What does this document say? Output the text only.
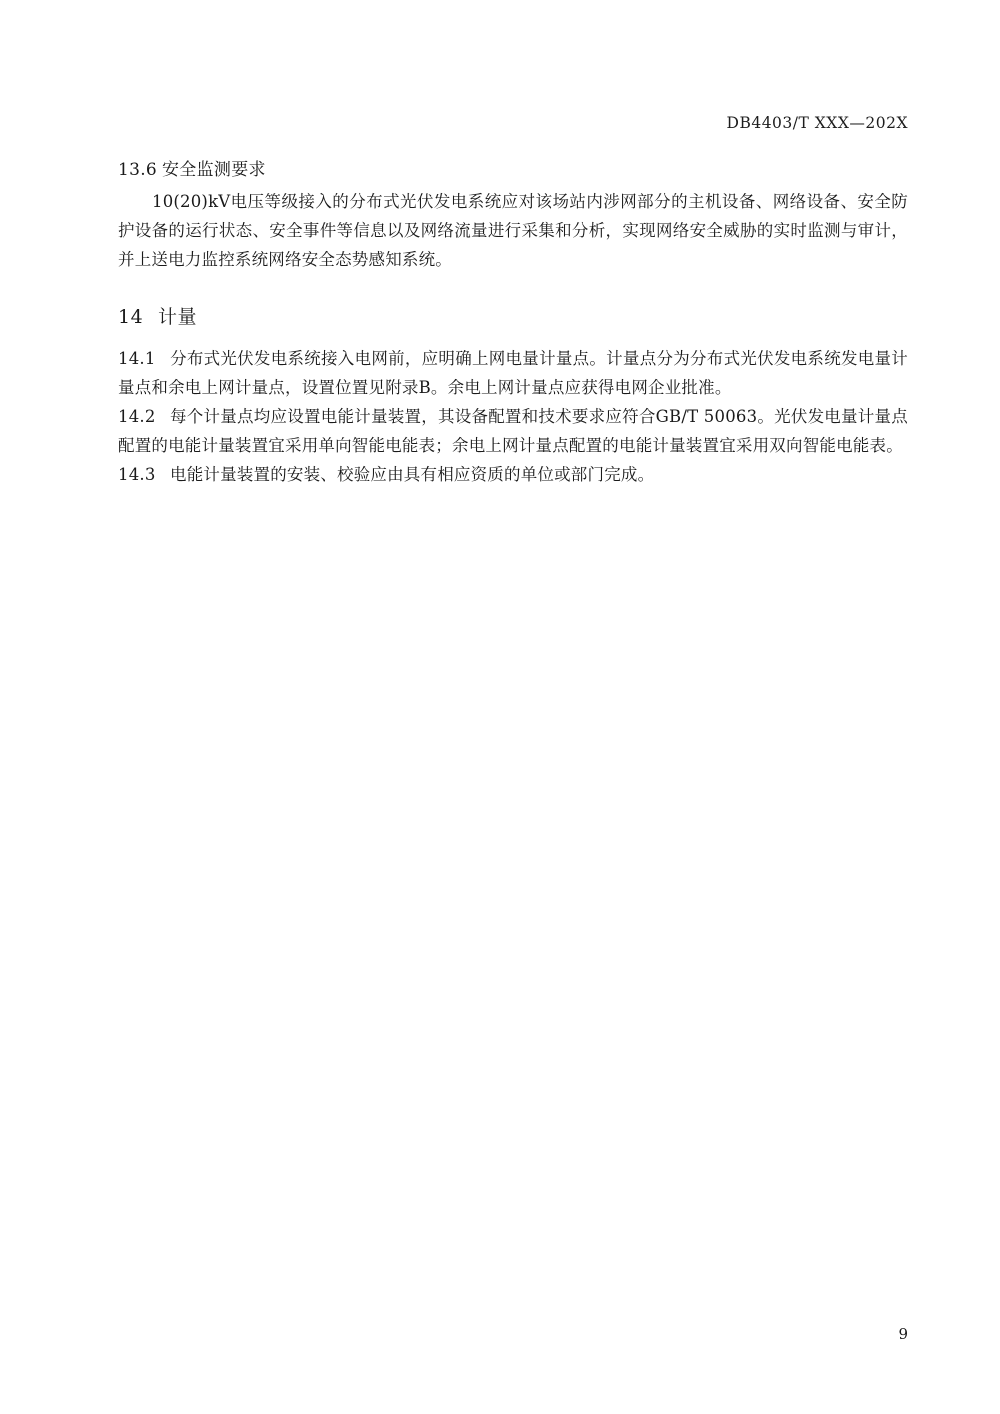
DB4403/T XXX—202X
13.6 安全监测要求

10(20)kV电压等级接入的分布式光伏发电系统应对该场站内涉网部分的主机设备、网络设备、安全防护设备的运行状态、安全事件等信息以及网络流量进行采集和分析，实现网络安全威胁的实时监测与审计，并上送电力监控系统网络安全态势感知系统。

14 计量

14.1 分布式光伏发电系统接入电网前，应明确上网电量计量点。计量点分为分布式光伏发电系统发电量计量点和余电上网计量点，设置位置见附录B。余电上网计量点应获得电网企业批准。

14.2 每个计量点均应设置电能计量装置，其设备配置和技术要求应符合GB/T 50063。光伏发电量计量点配置的电能计量装置宜采用单向智能电能表；余电上网计量点配置的电能计量装置宜采用双向智能电能表。

14.3 电能计量装置的安装、校验应由具有相应资质的单位或部门完成。

9
